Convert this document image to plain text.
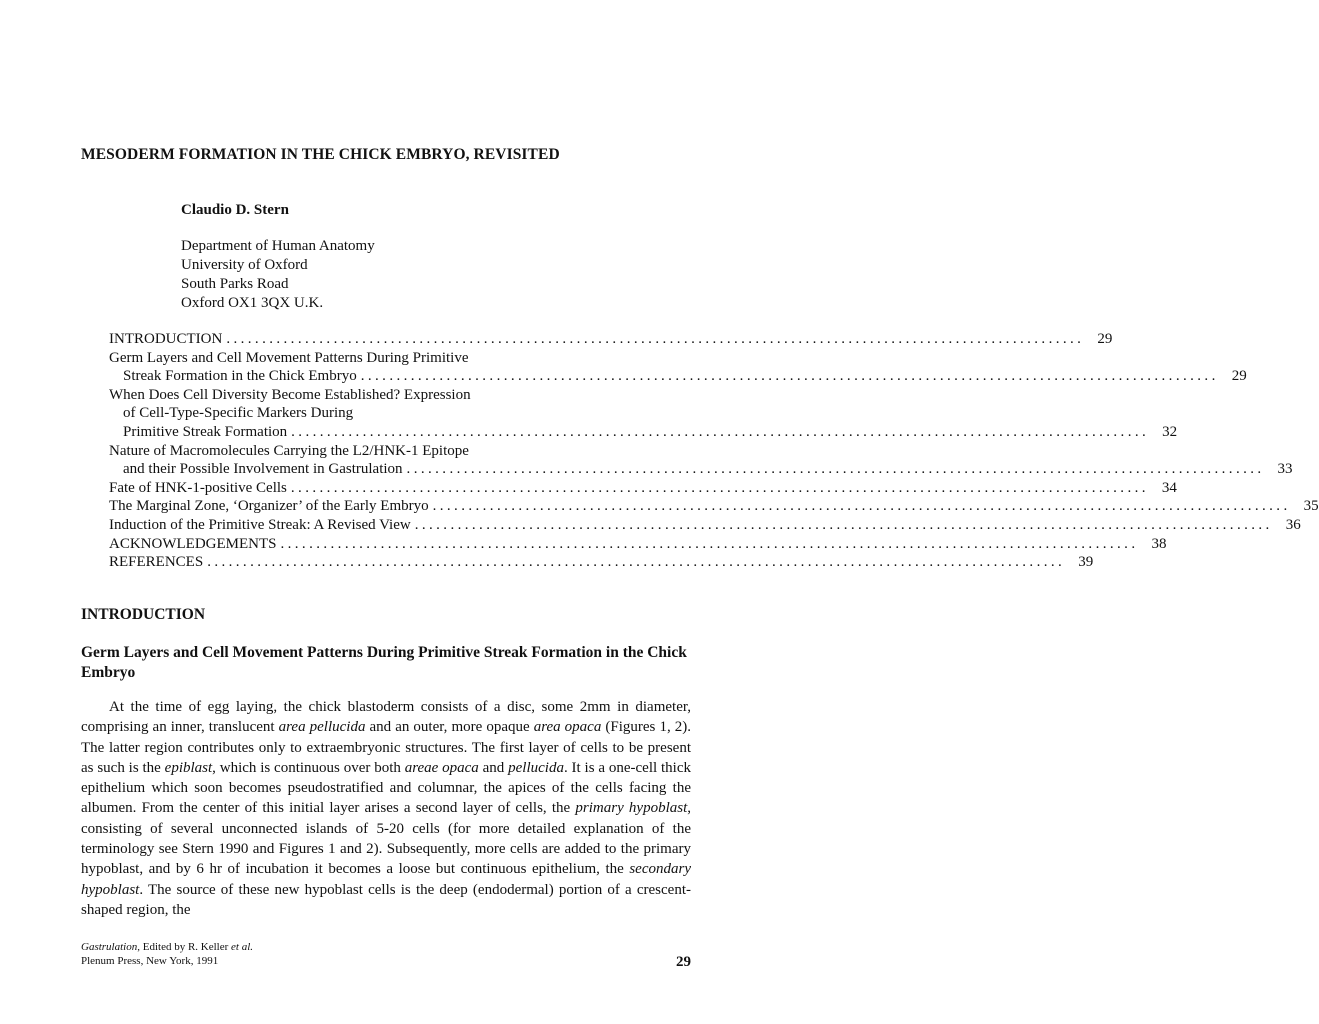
MESODERM FORMATION IN THE CHICK EMBRYO, REVISITED
Claudio D. Stern
Department of Human Anatomy
University of Oxford
South Parks Road
Oxford OX1 3QX U.K.
INTRODUCTION ........................................................................................................................ 29
Germ Layers and Cell Movement Patterns During Primitive
Streak Formation in the Chick Embryo ........................................................................................................................ 29
When Does Cell Diversity Become Established? Expression
of Cell-Type-Specific Markers During
Primitive Streak Formation ........................................................................................................................ 32
Nature of Macromolecules Carrying the L2/HNK-1 Epitope
and their Possible Involvement in Gastrulation ........................................................................................................................ 33
Fate of HNK-1-positive Cells ........................................................................................................................ 34
The Marginal Zone, ‘Organizer’ of the Early Embryo ........................................................................................................................ 35
Induction of the Primitive Streak: A Revised View ........................................................................................................................ 36
ACKNOWLEDGEMENTS ........................................................................................................................ 38
REFERENCES ........................................................................................................................ 39
INTRODUCTION
Germ Layers and Cell Movement Patterns During Primitive Streak Formation in the Chick Embryo

At the time of egg laying, the chick blastoderm consists of a disc, some 2mm in diameter, comprising an inner, translucent area pellucida and an outer, more opaque area opaca (Figures 1, 2). The latter region contributes only to extraembryonic structures. The first layer of cells to be present as such is the epiblast, which is continuous over both areae opaca and pellucida. It is a one-cell thick epithelium which soon becomes pseudostratified and columnar, the apices of the cells facing the albumen. From the center of this initial layer arises a second layer of cells, the primary hypoblast, consisting of several unconnected islands of 5-20 cells (for more detailed explanation of the terminology see Stern 1990 and Figures 1 and 2). Subsequently, more cells are added to the primary hypoblast, and by 6 hr of incubation it becomes a loose but continuous epithelium, the secondary hypoblast. The source of these new hypoblast cells is the deep (endodermal) portion of a crescent-shaped region, the

Gastrulation, Edited by R. Keller et al.
Plenum Press, New York, 1991	29
